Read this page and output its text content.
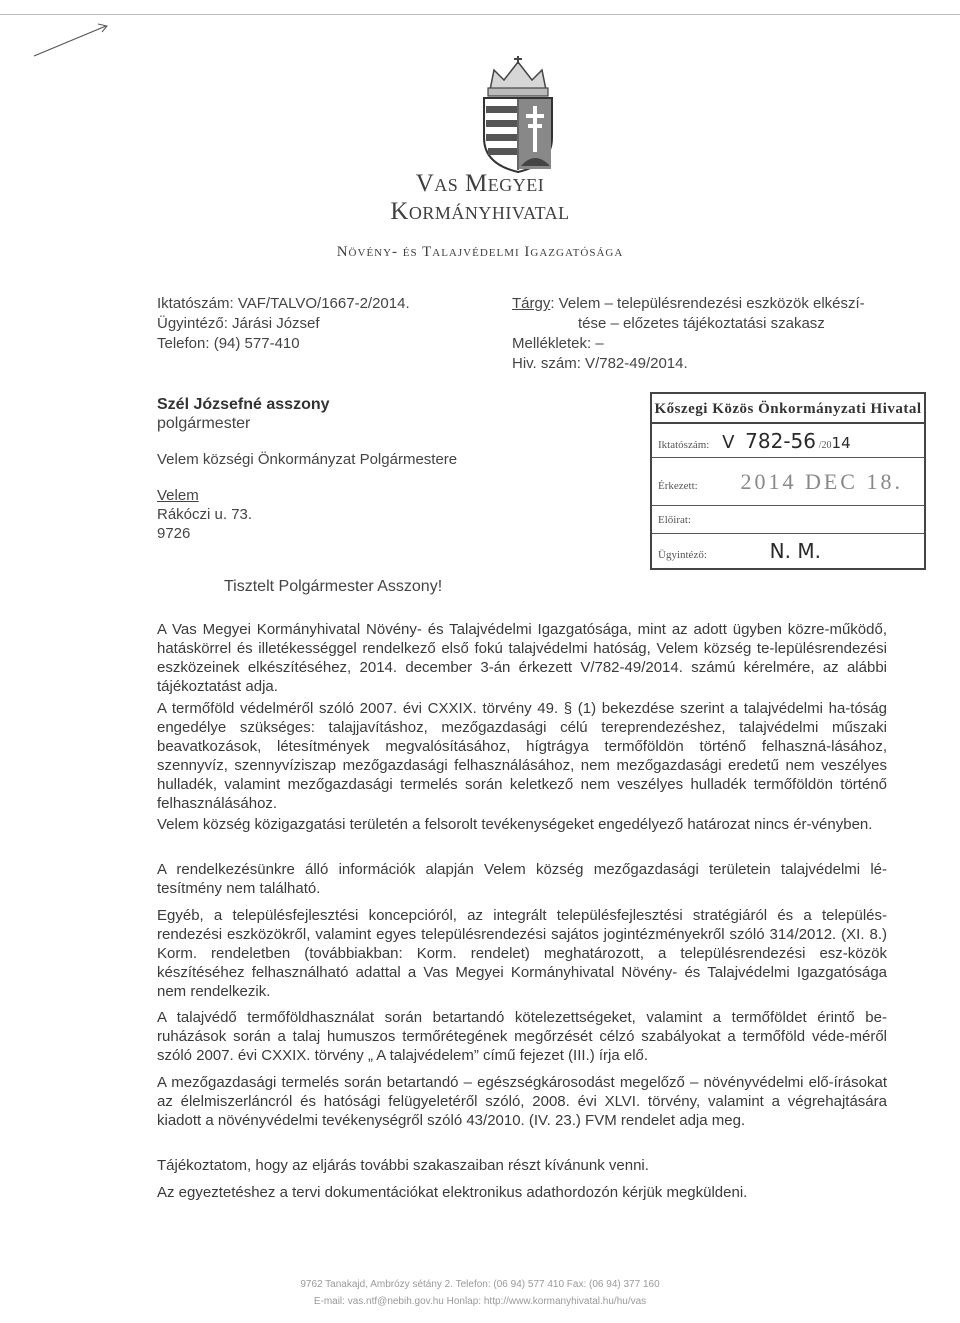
Vas Megyei
Kormányhivatal
Növény- és Talajvédelmi Igazgatósága
Iktatószám: VAF/TALVO/1667-2/2014.
Ügyintéző: Járási József
Telefon: (94) 577-410
Tárgy: Velem – településrendezési eszközök elkészí-
tése – előzetes tájékoztatási szakasz
Mellékletek: –
Hiv. szám: V/782-49/2014.
Szél Józsefné asszony
polgármester
Velem községi Önkormányzat Polgármestere
Velem
Rákóczi u. 73.
9726
Kőszegi Közös Önkormányzati Hivatal
Iktatószám: V 782-56 /2014
Érkezett: 2014 DEC 18.
Előirat:
Ügyintéző:	N. M.
Tisztelt Polgármester Asszony!
A Vas Megyei Kormányhivatal Növény- és Talajvédelmi Igazgatósága, mint az adott ügyben közre-működő, hatáskörrel és illetékességgel rendelkező első fokú talajvédelmi hatóság, Velem község te-lepülésrendezési eszközeinek elkészítéséhez, 2014. december 3-án érkezett V/782-49/2014. számú kérelmére, az alábbi tájékoztatást adja.
A termőföld védelméről szóló 2007. évi CXXIX. törvény 49. § (1) bekezdése szerint a talajvédelmi ha-tóság engedélye szükséges: talajjavításhoz, mezőgazdasági célú tereprendezéshez, talajvédelmi műszaki beavatkozások, létesítmények megvalósításához, hígtrágya termőföldön történő felhaszná-lásához, szennyvíz, szennyvíziszap mezőgazdasági felhasználásához, nem mezőgazdasági eredetű nem veszélyes hulladék, valamint mezőgazdasági termelés során keletkező nem veszélyes hulladék termőföldön történő felhasználásához.
Velem község közigazgatási területén a felsorolt tevékenységeket engedélyező határozat nincs ér-vényben.
A rendelkezésünkre álló információk alapján Velem község mezőgazdasági területein talajvédelmi lé-tesítmény nem található.
Egyéb, a településfejlesztési koncepcióról, az integrált településfejlesztési stratégiáról és a település-rendezési eszközökről, valamint egyes településrendezési sajátos jogintézményekről szóló 314/2012. (XI. 8.) Korm. rendeletben (továbbiakban: Korm. rendelet) meghatározott, a településrendezési esz-közök készítéséhez felhasználható adattal a Vas Megyei Kormányhivatal Növény- és Talajvédelmi Igazgatósága nem rendelkezik.
A talajvédő termőföldhasználat során betartandó kötelezettségeket, valamint a termőföldet érintő be-ruházások során a talaj humuszos termőrétegének megőrzését célzó szabályokat a termőföld véde-méről szóló 2007. évi CXXIX. törvény „ A talajvédelem” című fejezet (III.) írja elő.
A mezőgazdasági termelés során betartandó – egészségkárosodást megelőző – növényvédelmi elő-írásokat az élelmiszerláncról és hatósági felügyeletéről szóló, 2008. évi XLVI. törvény, valamint a végrehajtására kiadott a növényvédelmi tevékenységről szóló 43/2010. (IV. 23.) FVM rendelet adja meg.
Tájékoztatom, hogy az eljárás további szakaszaiban részt kívánunk venni.
Az egyeztetéshez a tervi dokumentációkat elektronikus adathordozón kérjük megküldeni.
9762 Tanakajd, Ambrózy sétány 2. Telefon: (06 94) 577 410 Fax: (06 94) 377 160
E-mail: vas.ntf@nebih.gov.hu Honlap: http://www.kormanyhivatal.hu/hu/vas
